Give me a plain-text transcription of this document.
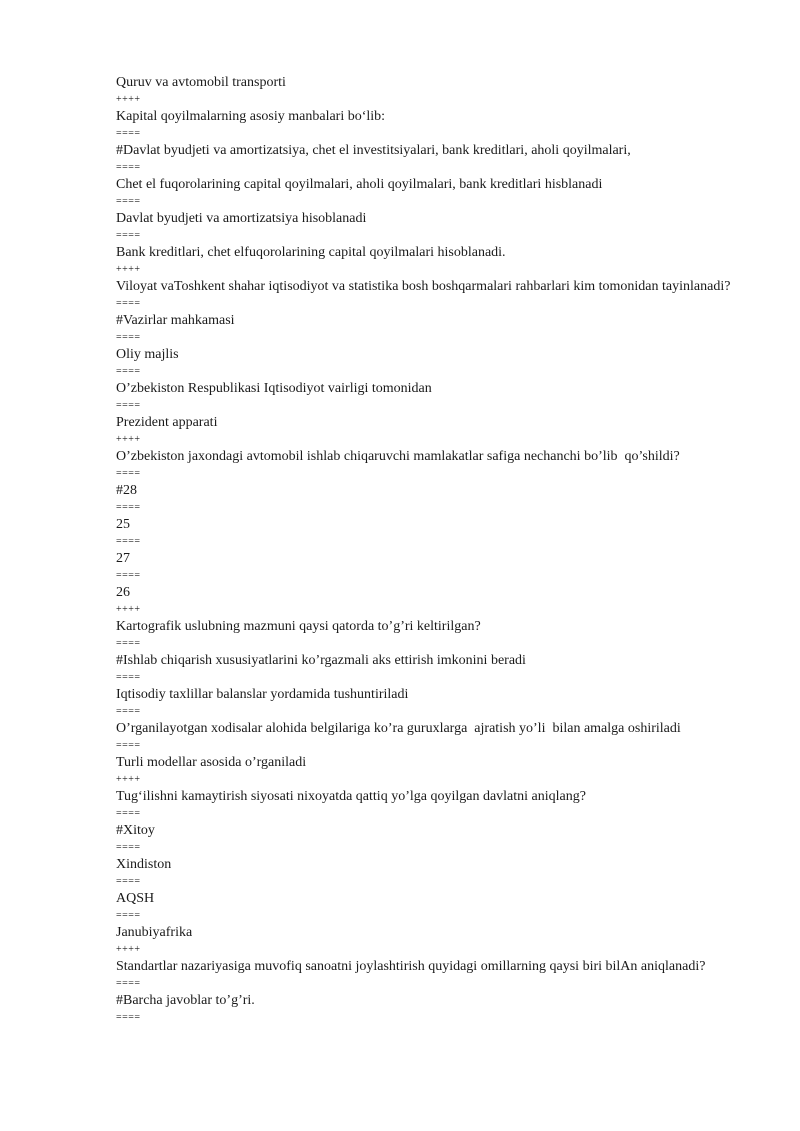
Quruv va avtomobil transporti

++++

Kapital qoyilmalarning asosiy manbalari bo‘lib:

====

#Davlat byudjeti va amortizatsiya, chet el investitsiyalari, bank kreditlari, aholi qoyilmalari,

====

Chet el fuqorolarining capital qoyilmalari, aholi qoyilmalari, bank kreditlari hisblanadi

====

Davlat byudjeti va amortizatsiya hisoblanadi

====

Bank kreditlari, chet elfuqorolarining capital qoyilmalari hisoblanadi.

++++

Viloyat vaToshkent shahar iqtisodiyot va statistika bosh boshqarmalari rahbarlari kim tomonidan tayinlanadi?

====

#Vazirlar mahkamasi

====

Oliy majlis

====

O’zbekiston Respublikasi Iqtisodiyot vairligi tomonidan

====

Prezident apparati

++++

O’zbekiston jaxondagi avtomobil ishlab chiqaruvchi mamlakatlar safiga nechanchi bo’lib  qo’shildi?

====

#28

====

25

====

27

====

26

++++

Kartografik uslubning mazmuni qaysi qatorda to’g’ri keltirilgan?

====

#Ishlab chiqarish xususiyatlarini ko’rgazmali aks ettirish imkonini beradi

====

Iqtisodiy taxlillar balanslar yordamida tushuntiriladi

====

O’rganilayotgan xodisalar alohida belgilariga ko’ra guruxlarga  ajratish yo’li  bilan amalga oshiriladi

====

Turli modellar asosida o’rganiladi

++++

Tug‘ilishni kamaytirish siyosati nixoyatda qattiq yo’lga qoyilgan davlatni aniqlang?

====

#Xitoy

====

Xindiston

====

AQSH

====

Janubiyafrika

++++

Standartlar nazariyasiga muvofiq sanoatni joylashtirish quyidagi omillarning qaysi biri bilAn aniqlanadi?

====

#Barcha javoblar to’g’ri.

====
